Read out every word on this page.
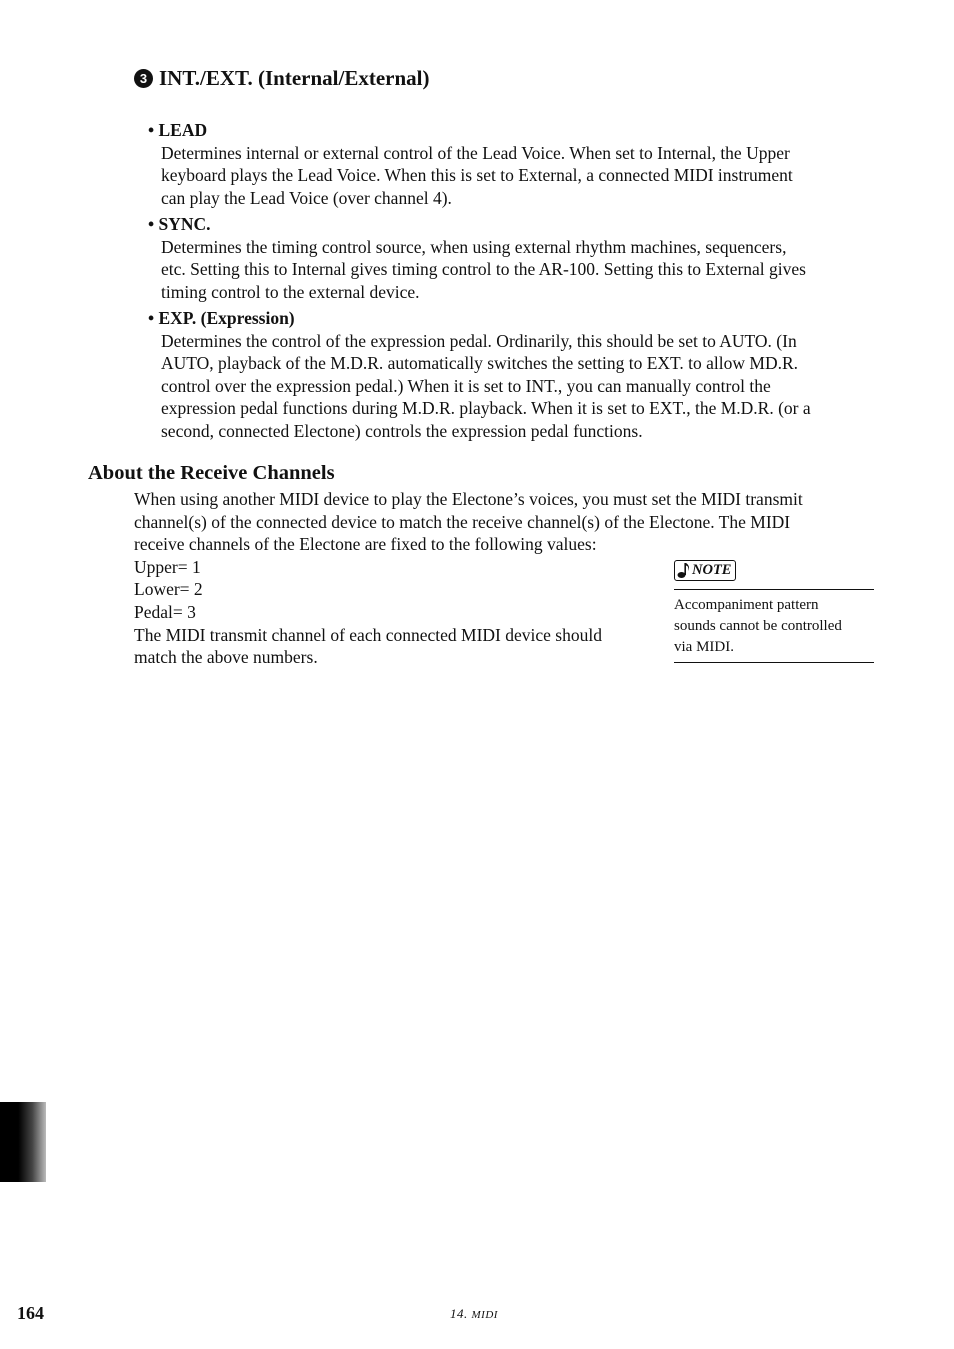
3 INT./EXT. (Internal/External)
• LEAD
Determines internal or external control of the Lead Voice. When set to Internal, the Upper
keyboard plays the Lead Voice. When this is set to External, a connected MIDI instrument
can play the Lead Voice (over channel 4).
• SYNC.
Determines the timing control source, when using external rhythm machines, sequencers,
etc. Setting this to Internal gives timing control to the AR-100. Setting this to External gives
timing control to the external device.
• EXP. (Expression)
Determines the control of the expression pedal. Ordinarily, this should be set to AUTO. (In
AUTO, playback of the M.D.R. automatically switches the setting to EXT. to allow MD.R.
control over the expression pedal.) When it is set to INT., you can manually control the
expression pedal functions during M.D.R. playback. When it is set to EXT., the M.D.R. (or a
second, connected Electone) controls the expression pedal functions.
About the Receive Channels
When using another MIDI device to play the Electone’s voices, you must set the MIDI transmit
channel(s) of the connected device to match the receive channel(s) of the Electone. The MIDI
receive channels of the Electone are fixed to the following values:
Upper= 1
Lower= 2
Pedal= 3
The MIDI transmit channel of each connected MIDI device should
match the above numbers.
NOTE
Accompaniment pattern
sounds cannot be controlled
via MIDI.
164	14. MIDI
